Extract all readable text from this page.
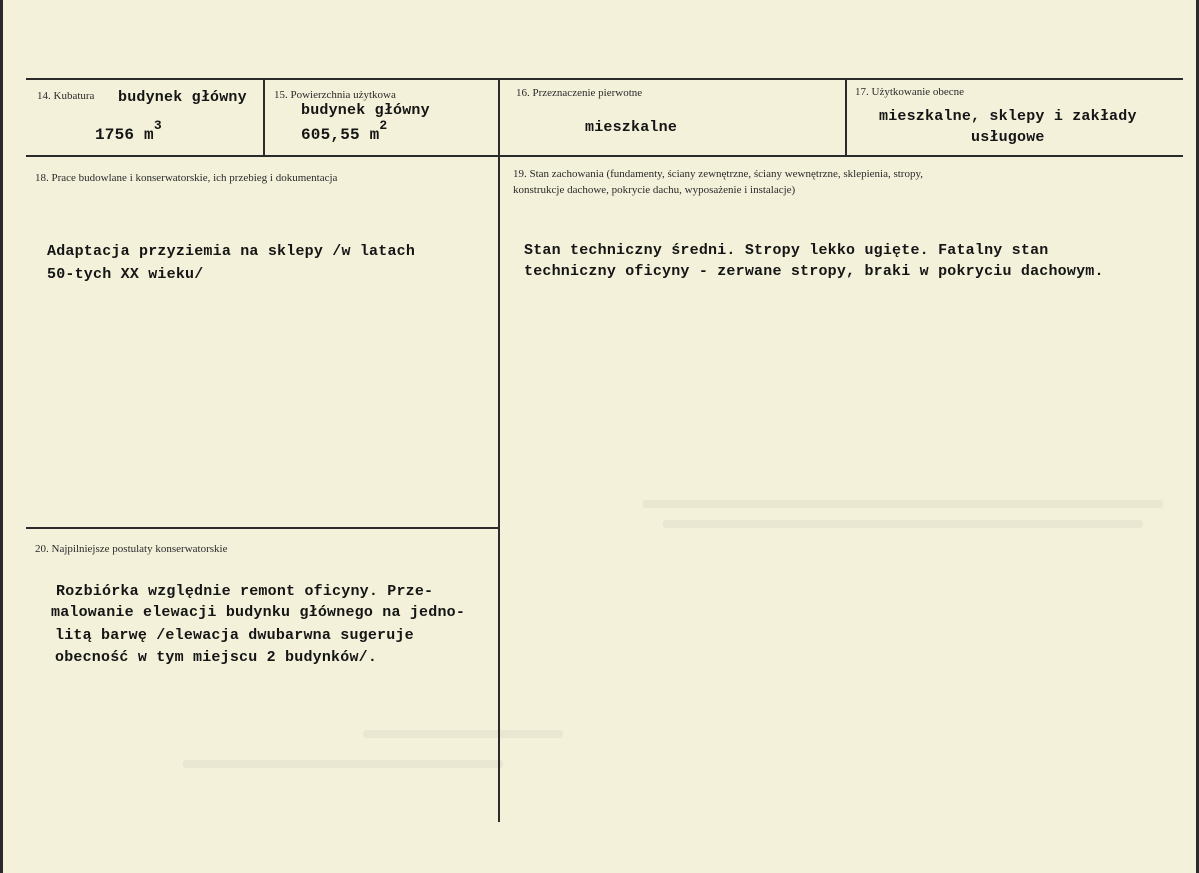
14. Kubatura budynek główny
1756 $m^3$
15. Powierzchnia użytkowa
budynek główny
605,55 $m^2$
16. Przeznaczenie pierwotne
mieszkalne
17. Użytkowanie obecne
mieszkalne, sklepy i zakłady
usługowe
18. Prace budowlane i konserwatorskie, ich przebieg i dokumentacja
Adaptacja przyziemia na sklepy /w latach
50-tych XX wieku/
19. Stan zachowania (fundamenty, ściany zewnętrzne, ściany wewnętrzne, sklepienia, stropy,
konstrukcje dachowe, pokrycie dachu, wyposażenie i instalacje)
Stan techniczny średni. Stropy lekko ugięte. Fatalny stan
techniczny oficyny - zerwane stropy, braki w pokryciu dachowym.
20. Najpilniejsze postulaty konserwatorskie
Rozbiórka względnie remont oficyny. Prze-
malowanie elewacji budynku głównego na jedno-
litą barwę /elewacja dwubarwna sugeruje
obecność w tym miejscu 2 budynków/.
